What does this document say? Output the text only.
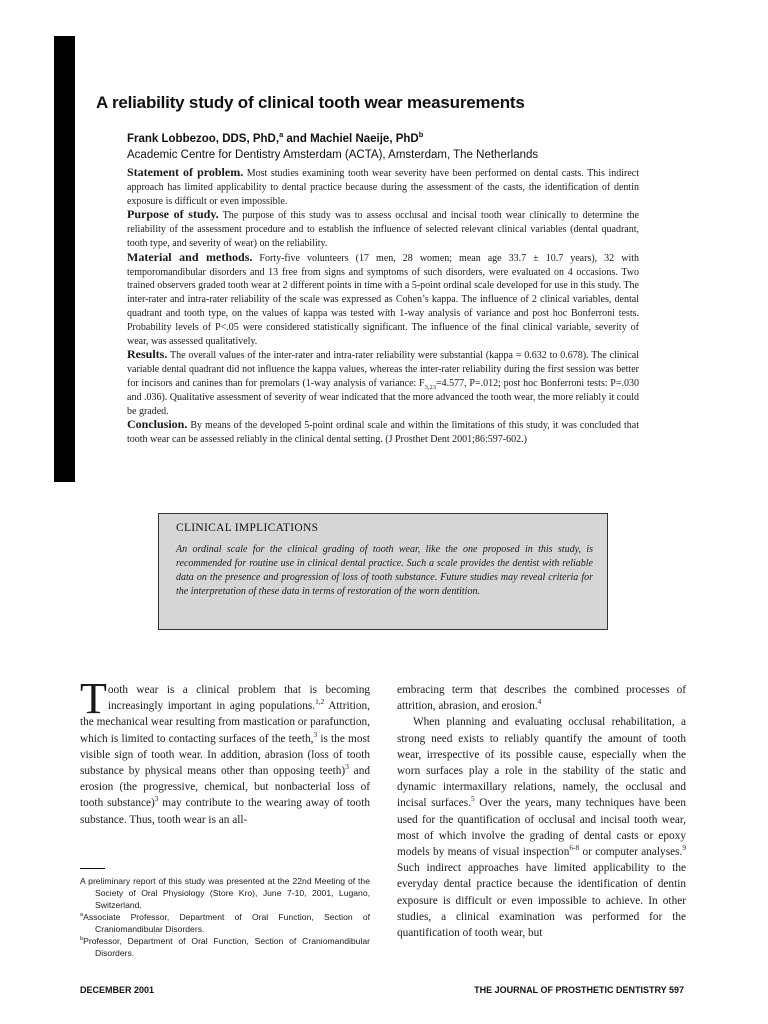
A reliability study of clinical tooth wear measurements
Frank Lobbezoo, DDS, PhD,$^a$ and Machiel Naeije, PhD$^b$
Academic Centre for Dentistry Amsterdam (ACTA), Amsterdam, The Netherlands

Statement of problem. Most studies examining tooth wear severity have been performed on dental casts. This indirect approach has limited applicability to dental practice because during the assessment of the casts, the identification of dentin exposure is difficult or even impossible.

Purpose of study. The purpose of this study was to assess occlusal and incisal tooth wear clinically to determine the reliability of the assessment procedure and to establish the influence of selected relevant clinical variables (dental quadrant, tooth type, and severity of wear) on the reliability.

Material and methods. Forty-five volunteers (17 men, 28 women; mean age 33.7 ± 10.7 years), 32 with temporomandibular disorders and 13 free from signs and symptoms of such disorders, were evaluated on 4 occasions. Two trained observers graded tooth wear at 2 different points in time with a 5-point ordinal scale developed for use in this study. The inter-rater and intra-rater reliability of the scale was expressed as Cohen’s kappa. The influence of 2 clinical variables, dental quadrant and tooth type, on the values of kappa was tested with 1-way analysis of variance and post hoc Bonferroni tests. Probability levels of P<.05 were considered statistically significant. The influence of the final clinical variable, severity of wear, was assessed qualitatively.

Results. The overall values of the inter-rater and intra-rater reliability were substantial (kappa = 0.632 to 0.678). The clinical variable dental quadrant did not influence the kappa values, whereas the inter-rater reliability during the first session was better for incisors and canines than for premolars (1-way analysis of variance: $F_{3,23}=4.577$, P=.012; post hoc Bonferroni tests: P=.030 and .036). Qualitative assessment of severity of wear indicated that the more advanced the tooth wear, the more reliably it could be graded.

Conclusion. By means of the developed 5-point ordinal scale and within the limitations of this study, it was concluded that tooth wear can be assessed reliably in the clinical dental setting. (J Prosthet Dent 2001;86:597-602.)

CLINICAL IMPLICATIONS

An ordinal scale for the clinical grading of tooth wear, like the one proposed in this study, is recommended for routine use in clinical dental practice. Such a scale provides the dentist with reliable data on the presence and progression of loss of tooth substance. Future studies may reveal criteria for the interpretation of these data in terms of restoration of the worn dentition.

Tooth wear is a clinical problem that is becoming increasingly important in aging populations.$^{1,2}$ Attrition, the mechanical wear resulting from mastication or parafunction, which is limited to contacting surfaces of the teeth,$^3$ is the most visible sign of tooth wear. In addition, abrasion (loss of tooth substance by physical means other than opposing teeth)$^3$ and erosion (the progressive, chemical, but nonbacterial loss of tooth substance)$^3$ may contribute to the wearing away of tooth substance. Thus, tooth wear is an all-

embracing term that describes the combined processes of attrition, abrasion, and erosion.$^4$

When planning and evaluating occlusal rehabilitation, a strong need exists to reliably quantify the amount of tooth wear, irrespective of its possible cause, especially when the worn surfaces play a role in the stability of the static and dynamic intermaxillary relations, namely, the occlusal and incisal surfaces.$^5$ Over the years, many techniques have been used for the quantification of occlusal and incisal tooth wear, most of which involve the grading of dental casts or epoxy models by means of visual inspection$^{6-8}$ or computer analyses.$^9$ Such indirect approaches have limited applicability to the everyday dental practice because the identification of dentin exposure is difficult or even impossible to achieve. In other studies, a clinical examination was performed for the quantification of tooth wear, but

A preliminary report of this study was presented at the 22nd Meeting of the Society of Oral Physiology (Store Kro), June 7-10, 2001, Lugano, Switzerland.

$^a$Associate Professor, Department of Oral Function, Section of Craniomandibular Disorders.

$^b$Professor, Department of Oral Function, Section of Craniomandibular Disorders.

DECEMBER 2001	THE JOURNAL OF PROSTHETIC DENTISTRY 597
